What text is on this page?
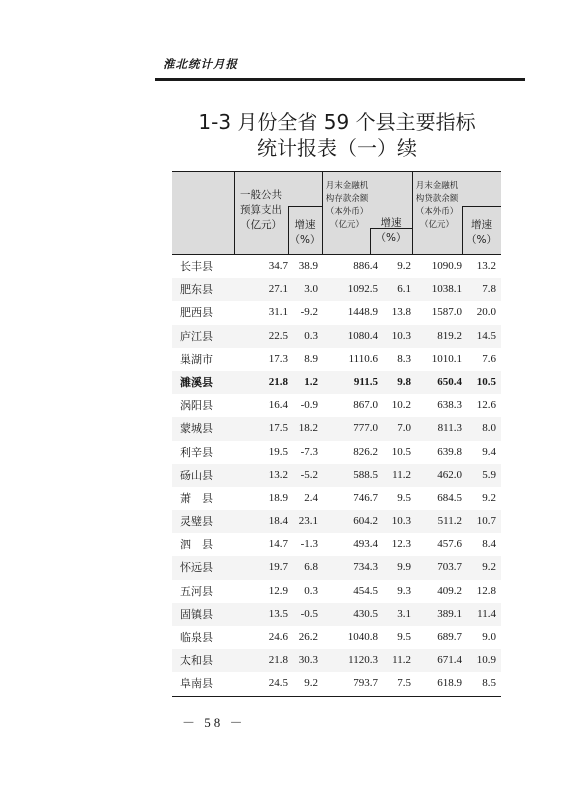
淮北统计月报
1-3 月份全省 59 个县主要指标
统计报表（一）续
一般公共
预算支出
（亿元）	增速
（%）
月末金融机
构存款余额
（本外币）
（亿元）	增速
（%）
月末金融机
构贷款余额
（本外币）
（亿元）	增速
（%）
长丰县	34.7 38.9	886.4	9.2	1090.9	13.2
肥东县	27.1	3.0	1092.5	6.1	1038.1	7.8
肥西县	31.1	-9.2	1448.9	13.8	1587.0	20.0
庐江县	22.5	0.3	1080.4	10.3	819.2	14.5
巢湖市	17.3	8.9	1110.6	8.3	1010.1	7.6
濉溪县	21.8	1.2	911.5	9.8	650.4	10.5
涡阳县	16.4	-0.9	867.0	10.2	638.3	12.6
蒙城县	17.5 18.2	777.0	7.0	811.3	8.0
利辛县	19.5	-7.3	826.2	10.5	639.8	9.4
砀山县	13.2	-5.2	588.5	11.2	462.0	5.9
萧　县	18.9	2.4	746.7	9.5	684.5	9.2
灵璧县	18.4 23.1	604.2	10.3	511.2	10.7
泗　县	14.7	-1.3	493.4	12.3	457.6	8.4
怀远县	19.7	6.8	734.3	9.9	703.7	9.2
五河县	12.9	0.3	454.5	9.3	409.2	12.8
固镇县	13.5	-0.5	430.5	3.1	389.1	11.4
临泉县	24.6 26.2	1040.8	9.5	689.7	9.0
太和县	21.8 30.3	1120.3	11.2	671.4	10.9
阜南县	24.5	9.2	793.7	7.5	618.9	8.5
－ 58 －
